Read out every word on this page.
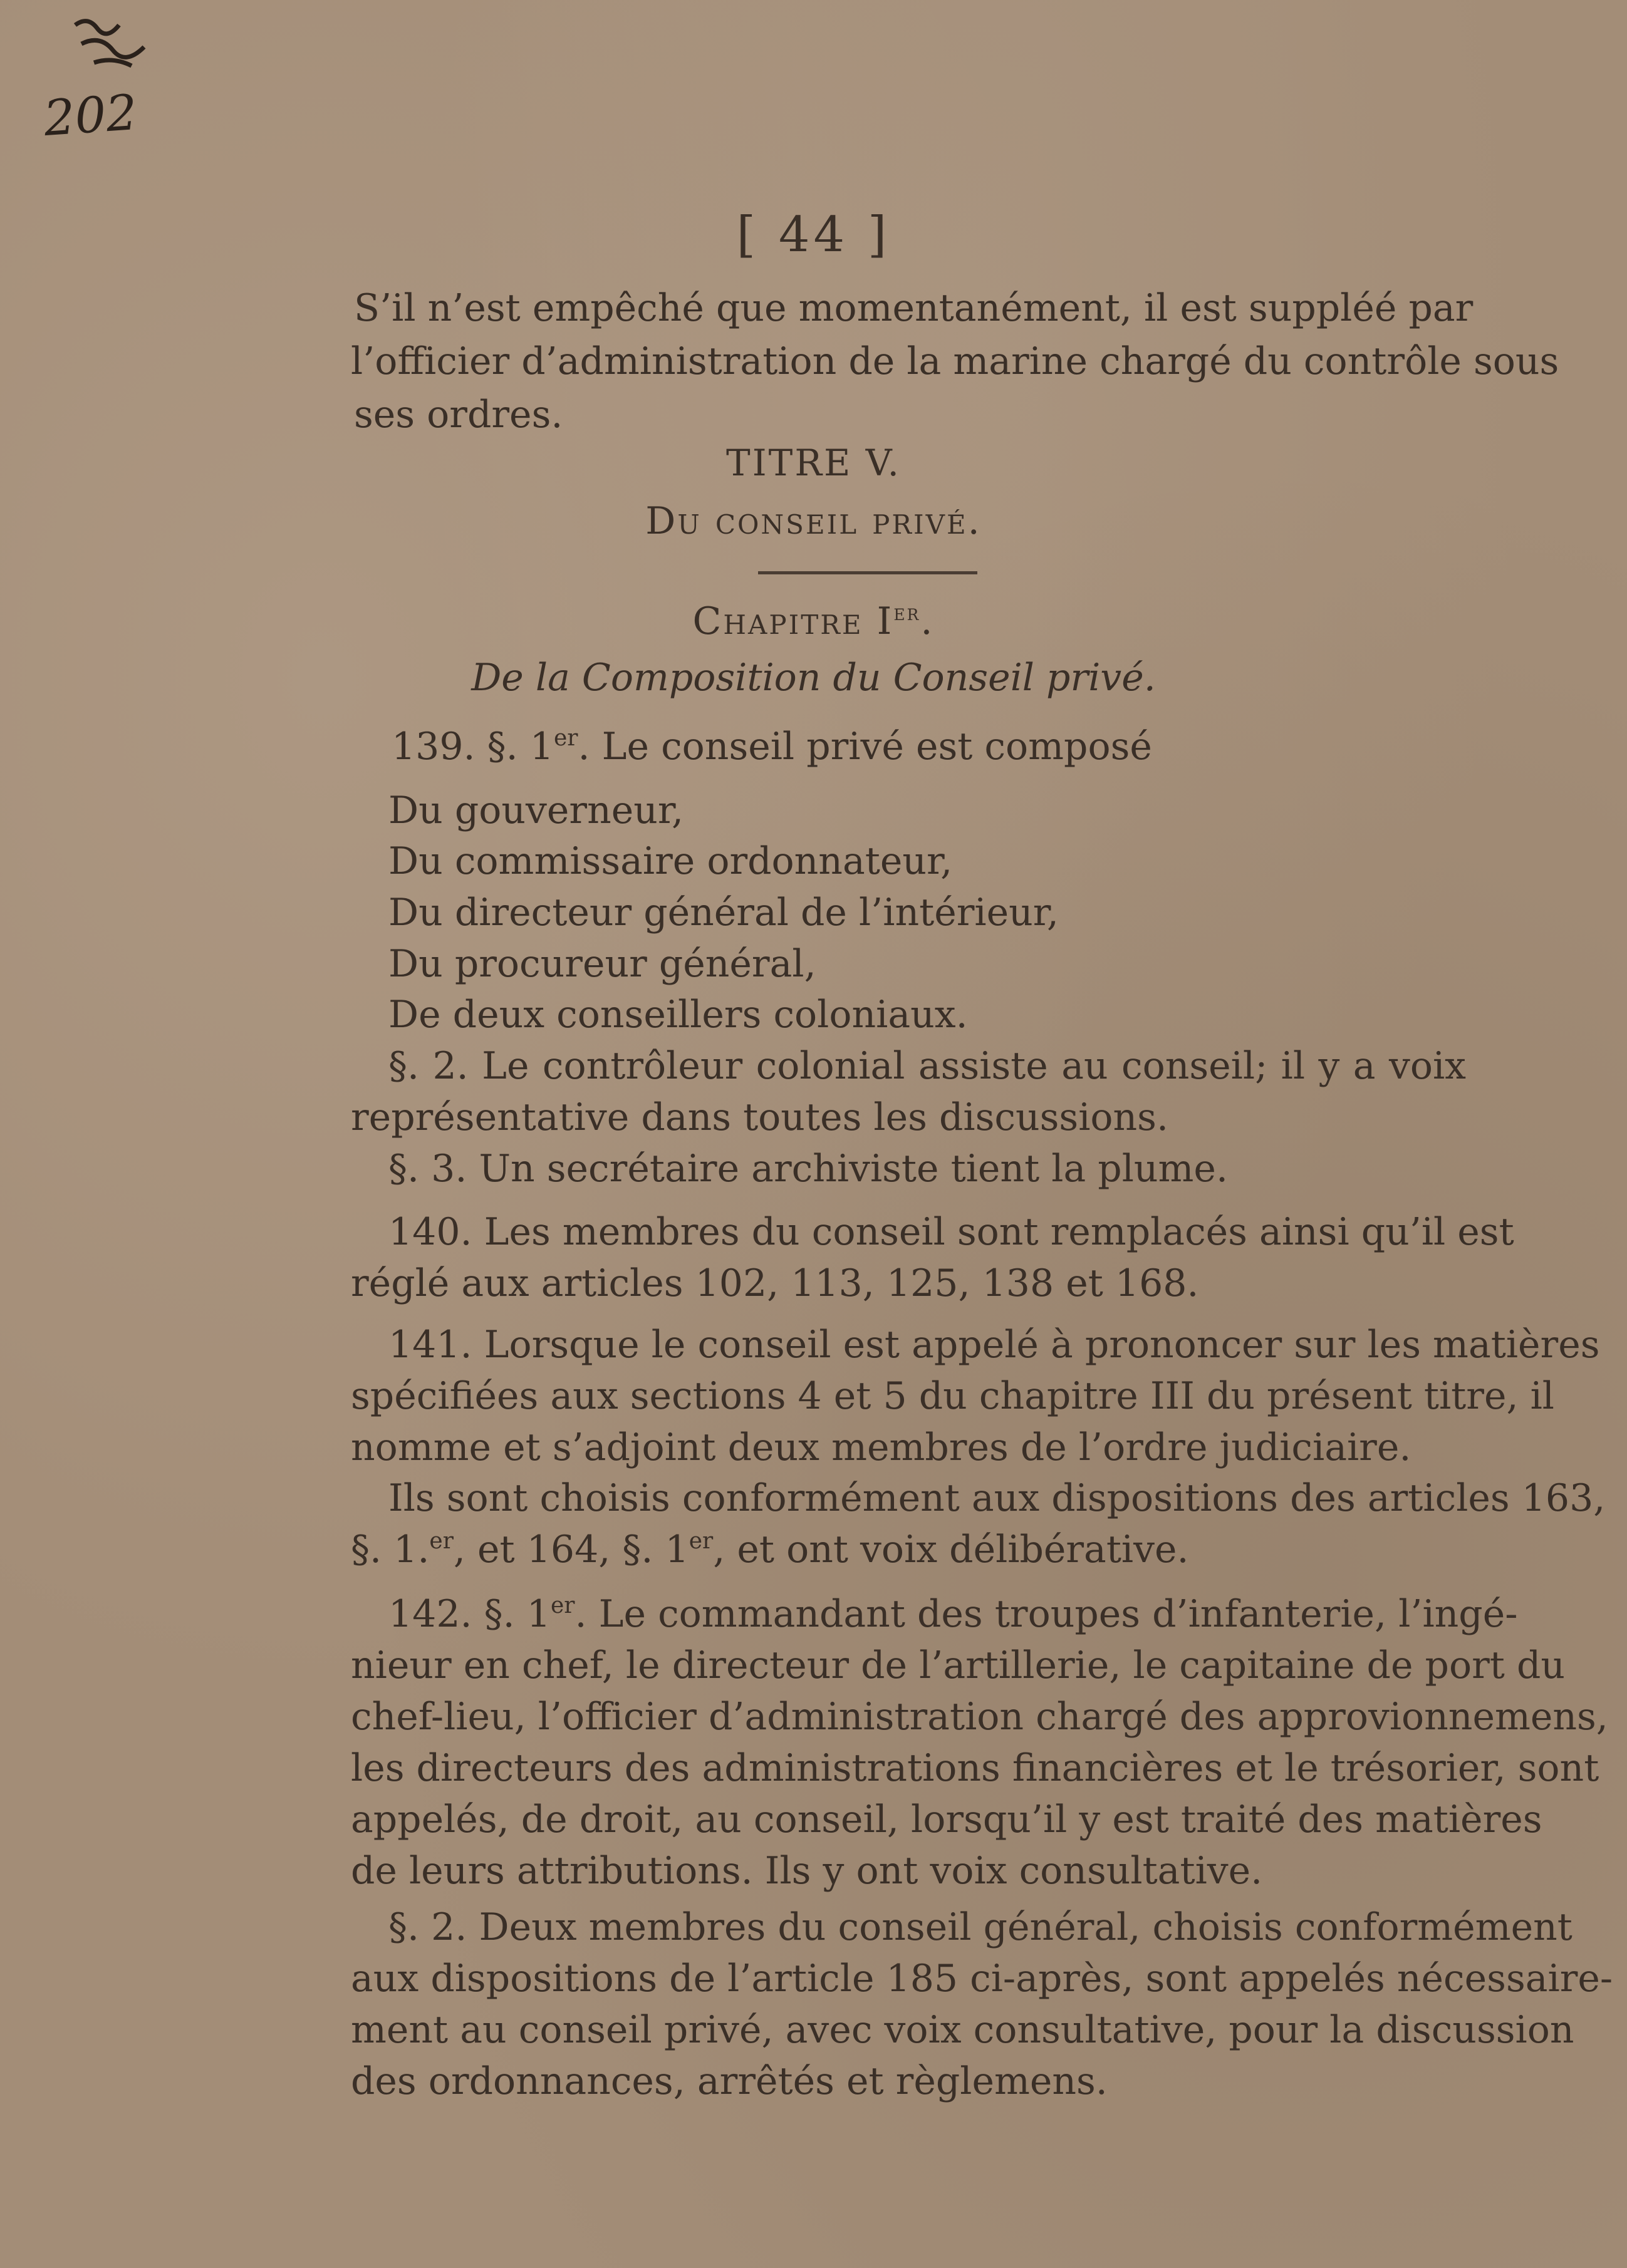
202
[ 44 ]
S’il n’est empêché que momentanément, il est suppléé par
l’officier d’administration de la marine chargé du contrôle sous
ses ordres.
TITRE V.
Du conseil privé.
Chapitre Ier.
De la Composition du Conseil privé.
139. §. 1er. Le conseil privé est composé
Du gouverneur,
Du commissaire ordonnateur,
Du directeur général de l’intérieur,
Du procureur général,
De deux conseillers coloniaux.
§. 2. Le contrôleur colonial assiste au conseil; il y a voix
représentative dans toutes les discussions.
§. 3. Un secrétaire archiviste tient la plume.
140. Les membres du conseil sont remplacés ainsi qu’il est
réglé aux articles 102, 113, 125, 138 et 168.
141. Lorsque le conseil est appelé à prononcer sur les matières
spécifiées aux sections 4 et 5 du chapitre III du présent titre, il
nomme et s’adjoint deux membres de l’ordre judiciaire.
Ils sont choisis conformément aux dispositions des articles 163,
§. 1.$^{er}$, et 164, §. 1er, et ont voix délibérative.
142. §. 1er. Le commandant des troupes d’infanterie, l’ingé-
nieur en chef, le directeur de l’artillerie, le capitaine de port du
chef-lieu, l’officier d’administration chargé des approvionnemens,
les directeurs des administrations financières et le trésorier, sont
appelés, de droit, au conseil, lorsqu’il y est traité des matières
de leurs attributions. Ils y ont voix consultative.
§. 2. Deux membres du conseil général, choisis conformément
aux dispositions de l’article 185 ci-après, sont appelés nécessaire-
ment au conseil privé, avec voix consultative, pour la discussion
des ordonnances, arrêtés et règlemens.
